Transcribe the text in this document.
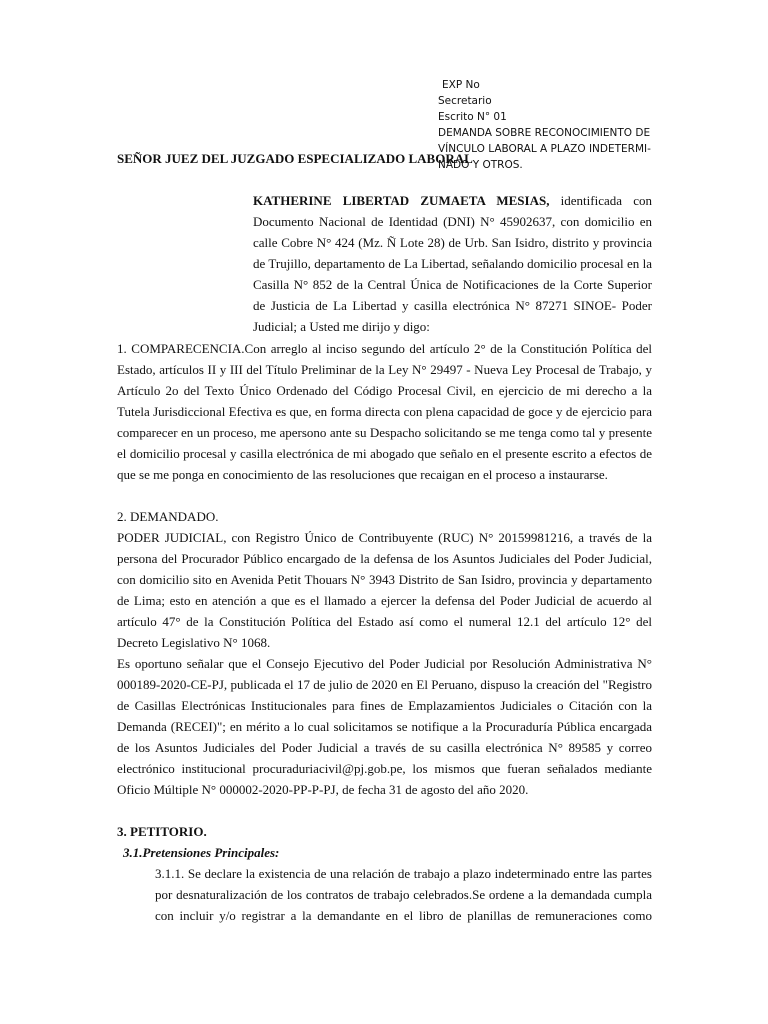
EXP No
Secretario
Escrito N° 01
DEMANDA SOBRE RECONOCIMIENTO DE
VÍNCULO LABORAL A PLAZO INDETERMI-
NADO Y OTROS.
SEÑOR JUEZ DEL JUZGADO ESPECIALIZADO LABORAL

KATHERINE LIBERTAD ZUMAETA MESIAS, identificada con Documento Nacional de Identidad (DNI) N° 45902637, con domicilio en calle Cobre N° 424 (Mz. Ñ Lote 28) de Urb. San Isidro, distrito y provincia de Trujillo, departamento de La Libertad, señalando domicilio procesal en la Casilla N° 852 de la Central Única de Notificaciones de la Corte Superior de Justicia de La Libertad y casilla electrónica N° 87271 SINOE- Poder Judicial; a Usted me dirijo y digo:

1. COMPARECENCIA.Con arreglo al inciso segundo del artículo 2° de la Constitución Política del Estado, artículos II y III del Título Preliminar de la Ley N° 29497 - Nueva Ley Procesal de Trabajo, y Artículo 2o del Texto Único Ordenado del Código Procesal Civil, en ejercicio de mi derecho a la Tutela Jurisdiccional Efectiva es que, en forma directa con plena capacidad de goce y de ejercicio para comparecer en un proceso, me apersono ante su Despacho solicitando se me tenga como tal y presente el domicilio procesal y casilla electrónica de mi abogado que señalo en el presente escrito a efectos de que se me ponga en conocimiento de las resoluciones que recaigan en el proceso a instaurarse.

2. DEMANDADO.

PODER JUDICIAL, con Registro Único de Contribuyente (RUC) N° 20159981216, a través de la persona del Procurador Público encargado de la defensa de los Asuntos Judiciales del Poder Judicial, con domicilio sito en Avenida Petit Thouars N° 3943 Distrito de San Isidro, provincia y departamento de Lima; esto en atención a que es el llamado a ejercer la defensa del Poder Judicial de acuerdo al artículo 47° de la Constitución Política del Estado así como el numeral 12.1 del artículo 12° del Decreto Legislativo N° 1068.

Es oportuno señalar que el Consejo Ejecutivo del Poder Judicial por Resolución Administrativa N° 000189-2020-CE-PJ, publicada el 17 de julio de 2020 en El Peruano, dispuso la creación del "Registro de Casillas Electrónicas Institucionales para fines de Emplazamientos Judiciales o Citación con la Demanda (RECEI)"; en mérito a lo cual solicitamos se notifique a la Procuraduría Pública encargada de los Asuntos Judiciales del Poder Judicial a través de su casilla electrónica N° 89585 y correo electrónico institucional procuraduriacivil@pj.gob.pe, los mismos que fueran señalados mediante Oficio Múltiple N° 000002-2020-PP-P-PJ, de fecha 31 de agosto del año 2020.

3. PETITORIO.

3.1.Pretensiones Principales:

3.1.1. Se declare la existencia de una relación de trabajo a plazo indeterminado entre las partes por desnaturalización de los contratos de trabajo celebrados.Se ordene a la demandada cumpla con incluir y/o registrar a la demandante en el libro de planillas de remuneraciones como
